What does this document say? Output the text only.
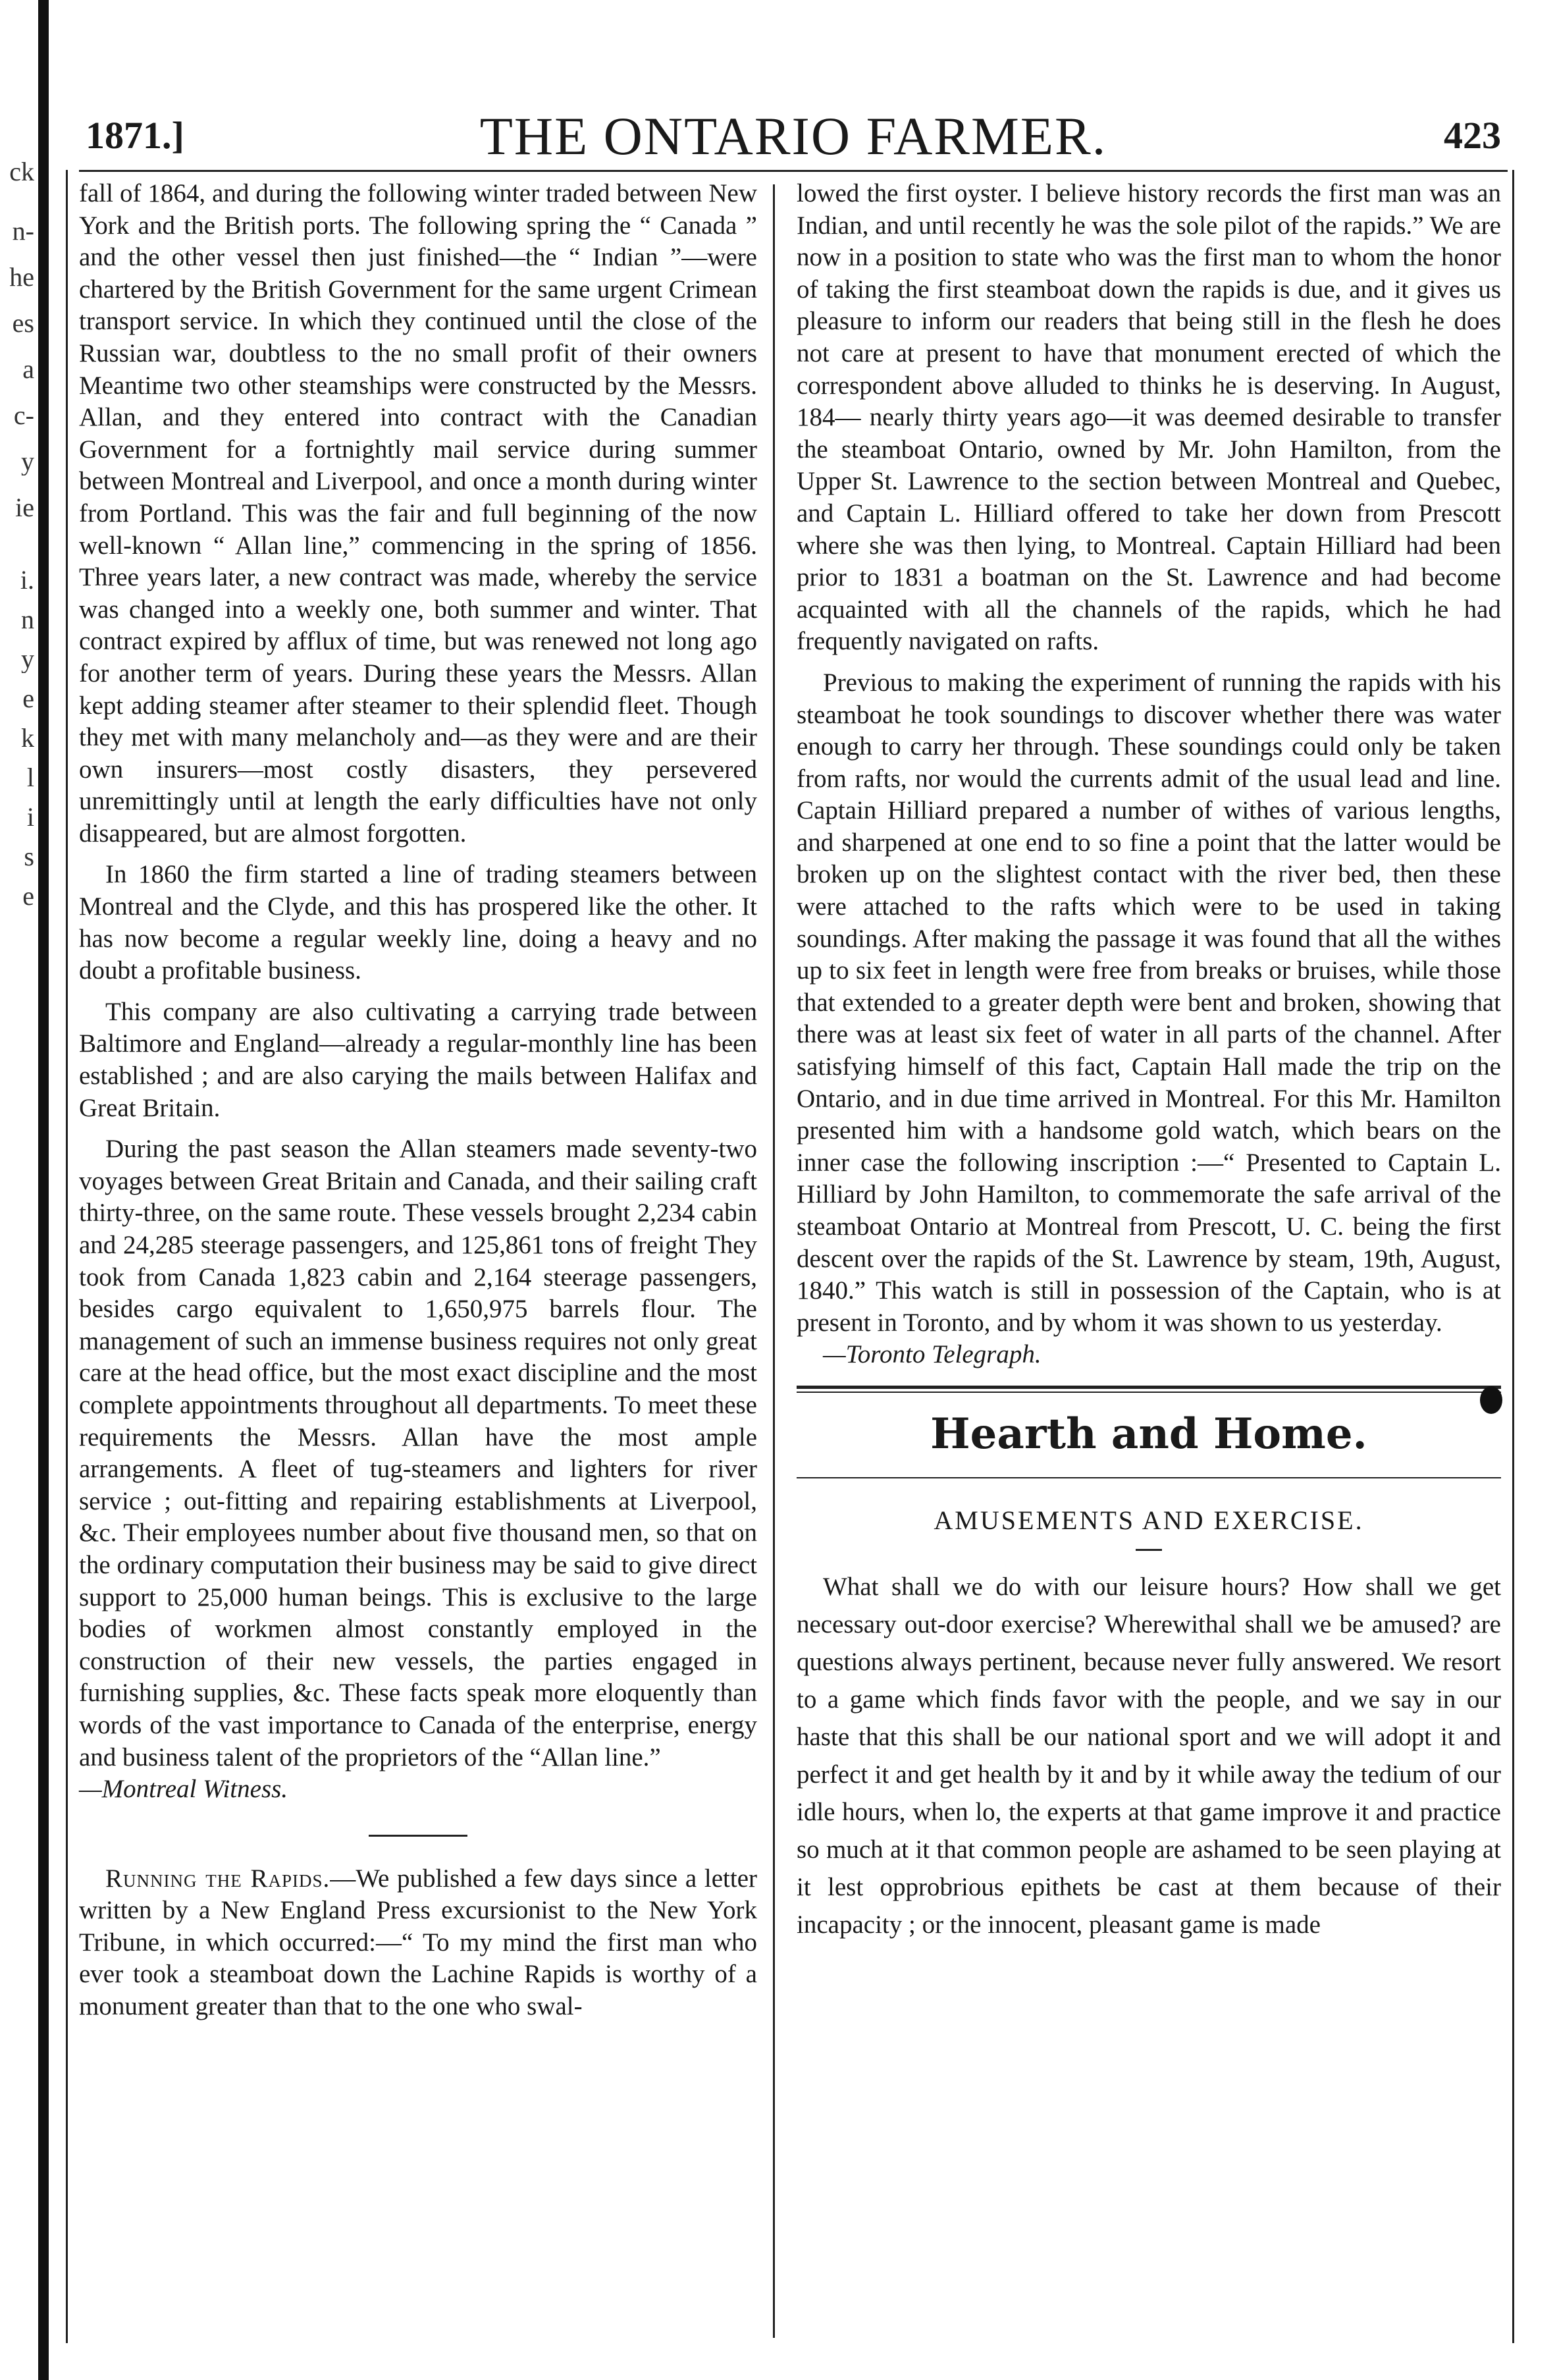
ck
n-
he
es
a
c-
y
ie
i.
n
y
e
k
l
i
s
e
1871.]	THE ONTARIO FARMER.	423

fall of 1864, and during the following winter traded between New York and the British ports. The following spring the “ Canada ” and the other vessel then just finished—the “ Indian ”—were chartered by the British Government for the same urgent Crimean transport service. In which they continued until the close of the Russian war, doubtless to the no small profit of their owners Meantime two other steamships were constructed by the Messrs. Allan, and they entered into contract with the Canadian Government for a fortnightly mail service during summer between Montreal and Liverpool, and once a month during winter from Portland. This was the fair and full beginning of the now well-known “ Allan line,” commencing in the spring of 1856. Three years later, a new contract was made, whereby the service was changed into a weekly one, both summer and winter. That contract expired by afflux of time, but was renewed not long ago for another term of years. During these years the Messrs. Allan kept adding steamer after steamer to their splendid fleet. Though they met with many melancholy and—as they were and are their own insurers—most costly disasters, they persevered unremittingly until at length the early difficulties have not only disappeared, but are almost forgotten.

In 1860 the firm started a line of trading steamers between Montreal and the Clyde, and this has prospered like the other. It has now become a regular weekly line, doing a heavy and no doubt a profitable business.

This company are also cultivating a carrying trade between Baltimore and England—already a regular-monthly line has been established ; and are also carying the mails between Halifax and Great Britain.

During the past season the Allan steamers made seventy-two voyages between Great Britain and Canada, and their sailing craft thirty-three, on the same route. These vessels brought 2,234 cabin and 24,285 steerage passengers, and 125,861 tons of freight They took from Canada 1,823 cabin and 2,164 steerage passengers, besides cargo equivalent to 1,650,975 barrels flour. The management of such an immense business requires not only great care at the head office, but the most exact discipline and the most complete appointments throughout all departments. To meet these requirements the Messrs. Allan have the most ample arrangements. A fleet of tug-steamers and lighters for river service ; out-fitting and repairing establishments at Liverpool, &c. Their employees number about five thousand men, so that on the ordinary computation their business may be said to give direct support to 25,000 human beings. This is exclusive to the large bodies of workmen almost constantly employed in the construction of their new vessels, the parties engaged in furnishing supplies, &c. These facts speak more eloquently than words of the vast importance to Canada of the enterprise, energy and business talent of the proprietors of the “Allan line.”

—Montreal Witness.

Running the Rapids.—We published a few days since a letter written by a New England Press excursionist to the New York Tribune, in which occurred:—“ To my mind the first man who ever took a steamboat down the Lachine Rapids is worthy of a monument greater than that to the one who swal-

lowed the first oyster. I believe history records the first man was an Indian, and until recently he was the sole pilot of the rapids.” We are now in a position to state who was the first man to whom the honor of taking the first steamboat down the rapids is due, and it gives us pleasure to inform our readers that being still in the flesh he does not care at present to have that monument erected of which the correspondent above alluded to thinks he is deserving. In August, 184— nearly thirty years ago—it was deemed desirable to transfer the steamboat Ontario, owned by Mr. John Hamilton, from the Upper St. Lawrence to the section between Montreal and Quebec, and Captain L. Hilliard offered to take her down from Prescott where she was then lying, to Montreal. Captain Hilliard had been prior to 1831 a boatman on the St. Lawrence and had become acquainted with all the channels of the rapids, which he had frequently navigated on rafts.

Previous to making the experiment of running the rapids with his steamboat he took soundings to discover whether there was water enough to carry her through. These soundings could only be taken from rafts, nor would the currents admit of the usual lead and line. Captain Hilliard prepared a number of withes of various lengths, and sharpened at one end to so fine a point that the latter would be broken up on the slightest contact with the river bed, then these were attached to the rafts which were to be used in taking soundings. After making the passage it was found that all the withes up to six feet in length were free from breaks or bruises, while those that extended to a greater depth were bent and broken, showing that there was at least six feet of water in all parts of the channel. After satisfying himself of this fact, Captain Hall made the trip on the Ontario, and in due time arrived in Montreal. For this Mr. Hamilton presented him with a handsome gold watch, which bears on the inner case the following inscription :—“ Presented to Captain L. Hilliard by John Hamilton, to commemorate the safe arrival of the steamboat Ontario at Montreal from Prescott, U. C. being the first descent over the rapids of the St. Lawrence by steam, 19th, August, 1840.” This watch is still in possession of the Captain, who is at present in Toronto, and by whom it was shown to us yesterday.

—Toronto Telegraph.

Hearth and Home.
AMUSEMENTS AND EXERCISE.

What shall we do with our leisure hours? How shall we get necessary out-door exercise? Wherewithal shall we be amused? are questions always pertinent, because never fully answered. We resort to a game which finds favor with the people, and we say in our haste that this shall be our national sport and we will adopt it and perfect it and get health by it and by it while away the tedium of our idle hours, when lo, the experts at that game improve it and practice so much at it that common people are ashamed to be seen playing at it lest opprobrious epithets be cast at them because of their incapacity ; or the innocent, pleasant game is made
